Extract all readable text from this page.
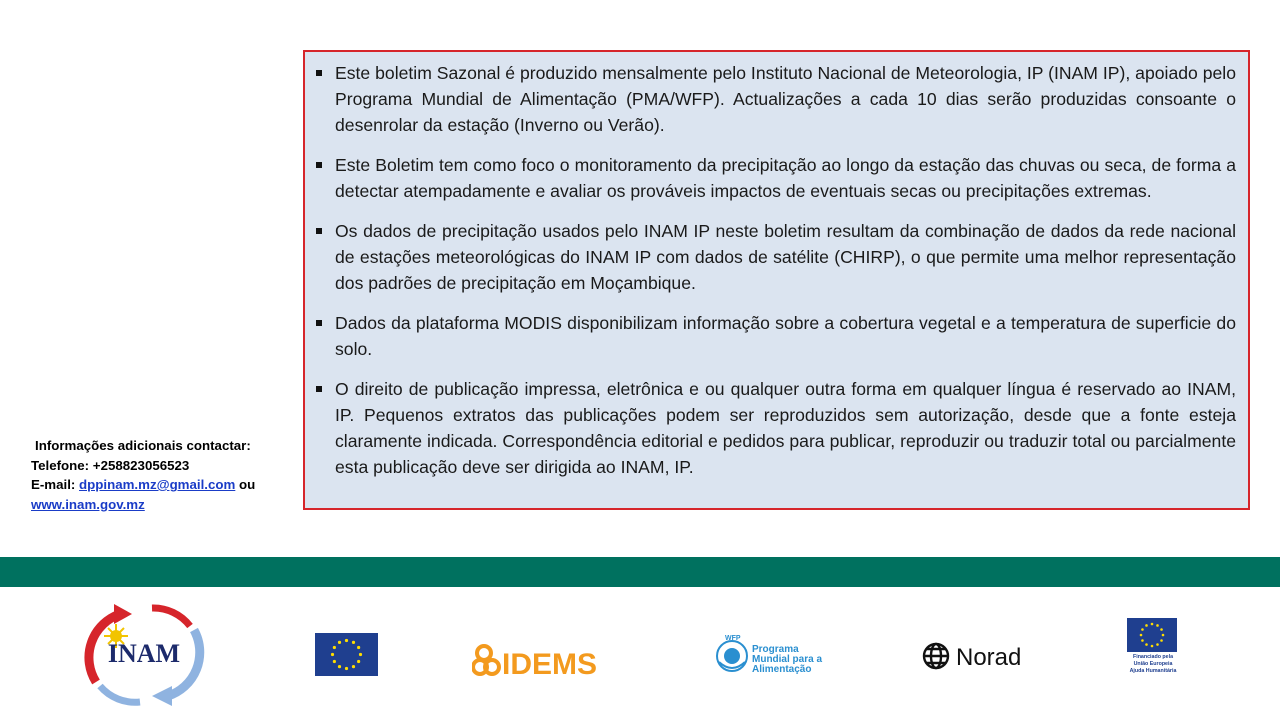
Este boletim Sazonal é produzido mensalmente pelo Instituto Nacional de Meteorologia, IP (INAM IP), apoiado pelo Programa Mundial de Alimentação (PMA/WFP). Actualizações a cada 10 dias serão produzidas consoante o desenrolar da estação (Inverno ou Verão).
Este Boletim tem como foco o monitoramento da precipitação ao longo da estação das chuvas ou seca, de forma a detectar atempadamente e avaliar os prováveis impactos de eventuais secas ou precipitações extremas.
Os dados de precipitação usados pelo INAM IP neste boletim resultam da combinação de dados da rede nacional de estações meteorológicas do INAM IP com dados de satélite (CHIRP), o que permite uma melhor representação dos padrões de precipitação em Moçambique.
Dados da plataforma MODIS disponibilizam informação sobre a cobertura vegetal e a temperatura de superficie do solo.
O direito de publicação impressa, eletrônica e ou qualquer outra forma em qualquer língua é reservado ao INAM, IP. Pequenos extratos das publicações podem ser reproduzidos sem autorização, desde que a fonte esteja claramente indicada. Correspondência editorial e pedidos para publicar, reproduzir ou traduzir total ou parcialmente esta publicação deve ser dirigida ao INAM, IP.
Informações adicionais contactar:
Telefone: +258823056523
E-mail: dppinam.mz@gmail.com ou
www.inam.gov.mz
INAM	IDEMS
WFP
Programa
Mundial para a
Alimentação	Norad	Financiado pela
União Europeia
Ajuda Humanitária
